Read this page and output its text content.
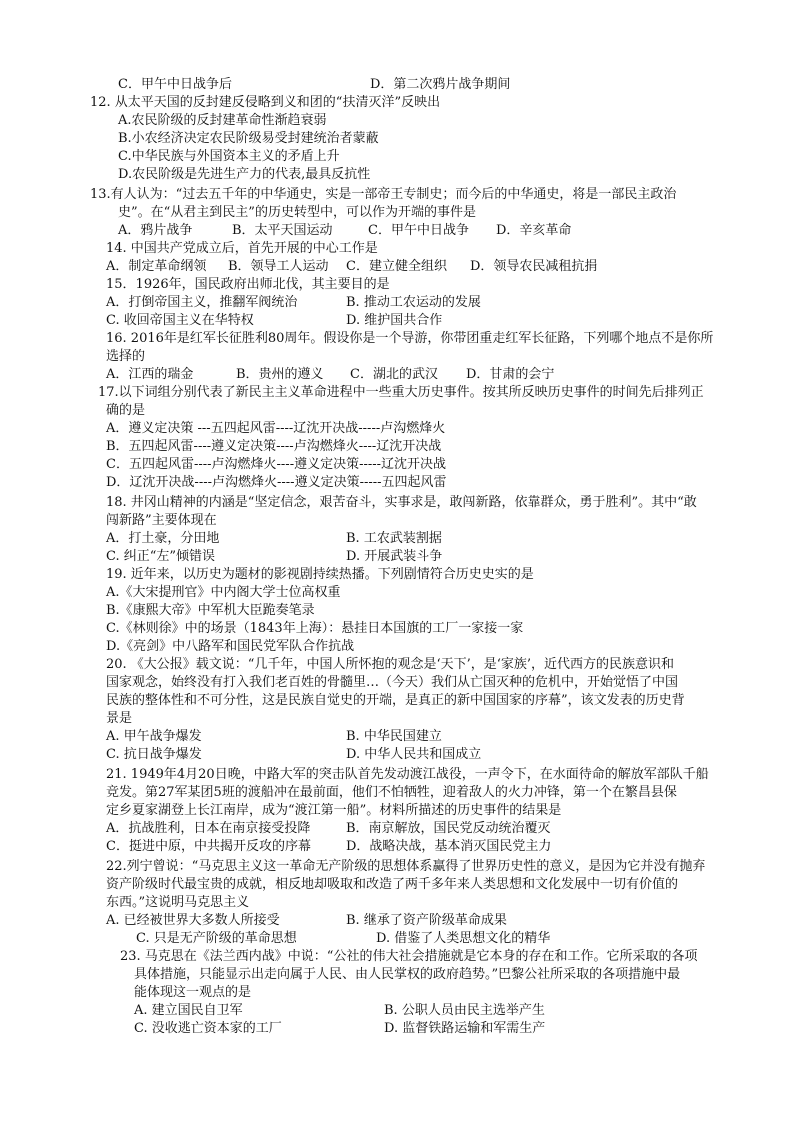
C．甲午中日战争后	D．第二次鸦片战争期间
12. 从太平天国的反封建反侵略到义和团的“扶清灭洋”反映出
A.农民阶级的反封建革命性渐趋衰弱
B.小农经济决定农民阶级易受封建统治者蒙蔽
C.中华民族与外国资本主义的矛盾上升
D.农民阶级是先进生产力的代表,最具反抗性
13.有人认为：“过去五千年的中华通史，实是一部帝王专制史；而今后的中华通史，将是一部民主政治
史”。在“从君主到民主”的历史转型中，可以作为开端的事件是
A．鸦片战争	B．太平天国运动	C．甲午中日战争 D．辛亥革命
14. 中国共产党成立后，首先开展的中心工作是
A．制定革命纲领 B．领导工人运动 C．建立健全组织 D．领导农民减租抗捐
15．1926年，国民政府出师北伐，其主要目的是
A．打倒帝国主义，推翻军阀统治	B. 推动工农运动的发展
C. 收回帝国主义在华特权	D. 维护国共合作
16. 2016年是红军长征胜利80周年。假设你是一个导游，你带团重走红军长征路，下列哪个地点不是你所
选择的
A．江西的瑞金	B．贵州的遵义 C．湖北的武汉 D．甘肃的会宁
17.以下词组分别代表了新民主主义革命进程中一些重大历史事件。按其所反映历史事件的时间先后排列正
确的是
A．遵义定决策 ---五四起风雷----辽沈开决战-----卢沟燃烽火
B．五四起风雷----遵义定决策----卢沟燃烽火----辽沈开决战
C．五四起风雷----卢沟燃烽火----遵义定决策-----辽沈开决战
D．辽沈开决战----卢沟燃烽火----遵义定决策-----五四起风雷
18. 井冈山精神的内涵是“坚定信念，艰苦奋斗，实事求是，敢闯新路，依靠群众，勇于胜利”。其中“敢
闯新路”主要体现在
A．打土豪，分田地	B. 工农武装割据
C. 纠正“左”倾错误	D. 开展武装斗争
19. 近年来，以历史为题材的影视剧持续热播。下列剧情符合历史史实的是
A.《大宋提刑官》中内阁大学士位高权重
B.《康熙大帝》中军机大臣跪奏笔录
C.《林则徐》中的场景（1843年上海）：悬挂日本国旗的工厂一家接一家
D.《亮剑》中八路军和国民党军队合作抗战
20. 《大公报》载文说：“几千年，中国人所怀抱的观念是‘天下’，是‘家族’，近代西方的民族意识和
国家观念，始终没有打入我们老百姓的骨髓里…（今天）我们从亡国灭种的危机中，开始觉悟了中国
民族的整体性和不可分性，这是民族自觉史的开端，是真正的新中国国家的序幕”，该文发表的历史背
景是
A. 甲午战争爆发	B. 中华民国建立
C. 抗日战争爆发	D. 中华人民共和国成立
21. 1949年4月20日晚，中路大军的突击队首先发动渡江战役，一声令下，在水面待命的解放军部队千船
竞发。第27军某团5班的渡船冲在最前面，他们不怕牺牲，迎着敌人的火力冲锋，第一个在繁昌县保
定乡夏家湖登上长江南岸，成为“渡江第一船”。材料所描述的历史事件的结果是
A．抗战胜利，日本在南京接受投降	B．南京解放，国民党反动统治覆灭
C．挺进中原，中共揭开反攻的序幕	D．战略决战，基本消灭国民党主力
22.列宁曾说：“马克思主义这一革命无产阶级的思想体系赢得了世界历史性的意义，是因为它并没有抛弃
资产阶级时代最宝贵的成就，相反地却吸取和改造了两千多年来人类思想和文化发展中一切有价值的
东西。”这说明马克思主义
A. 已经被世界大多数人所接受	B. 继承了资产阶级革命成果
C. 只是无产阶级的革命思想	D. 借鉴了人类思想文化的精华
23. 马克思在《法兰西内战》中说：“公社的伟大社会措施就是它本身的存在和工作。它所采取的各项
具体措施，只能显示出走向属于人民、由人民掌权的政府趋势。”巴黎公社所采取的各项措施中最
能体现这一观点的是
A. 建立国民自卫军	B. 公职人员由民主选举产生
C. 没收逃亡资本家的工厂	D. 监督铁路运输和军需生产
